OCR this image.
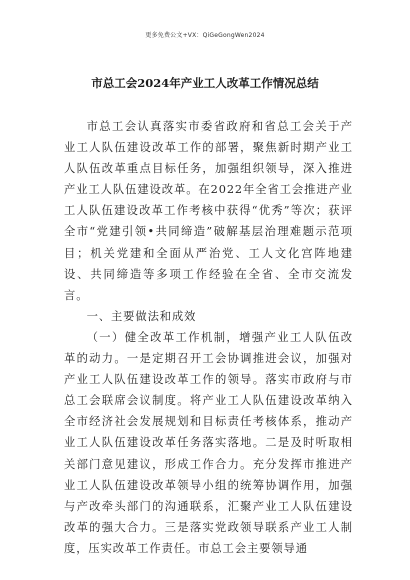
更多免费公文+VX：QiGeGongWen2024
市总工会2024年产业工人改革工作情况总结

市总工会认真落实市委省政府和省总工会关于产业工人队伍建设改革工作的部署，聚焦新时期产业工人队伍改革重点目标任务，加强组织领导，深入推进产业工人队伍建设改革。在2022年全省工会推进产业工人队伍建设改革工作考核中获得“优秀”等次；获评全市“党建引领•共同缔造”破解基层治理难题示范项目；机关党建和全面从严治党、工人文化宫阵地建设、共同缔造等多项工作经验在全省、全市交流发言。

一、主要做法和成效

（一）健全改革工作机制，增强产业工人队伍改革的动力。一是定期召开工会协调推进会议，加强对产业工人队伍建设改革工作的领导。落实市政府与市总工会联席会议制度。将产业工人队伍建设改革纳入全市经济社会发展规划和目标责任考核体系，推动产业工人队伍建设改革任务落实落地。二是及时听取相关部门意见建议，形成工作合力。充分发挥市推进产业工人队伍建设改革领导小组的统筹协调作用，加强与产改牵头部门的沟通联系，汇聚产业工人队伍建设改革的强大合力。三是落实党政领导联系产业工人制度，压实改革工作责任。市总工会主要领导通
